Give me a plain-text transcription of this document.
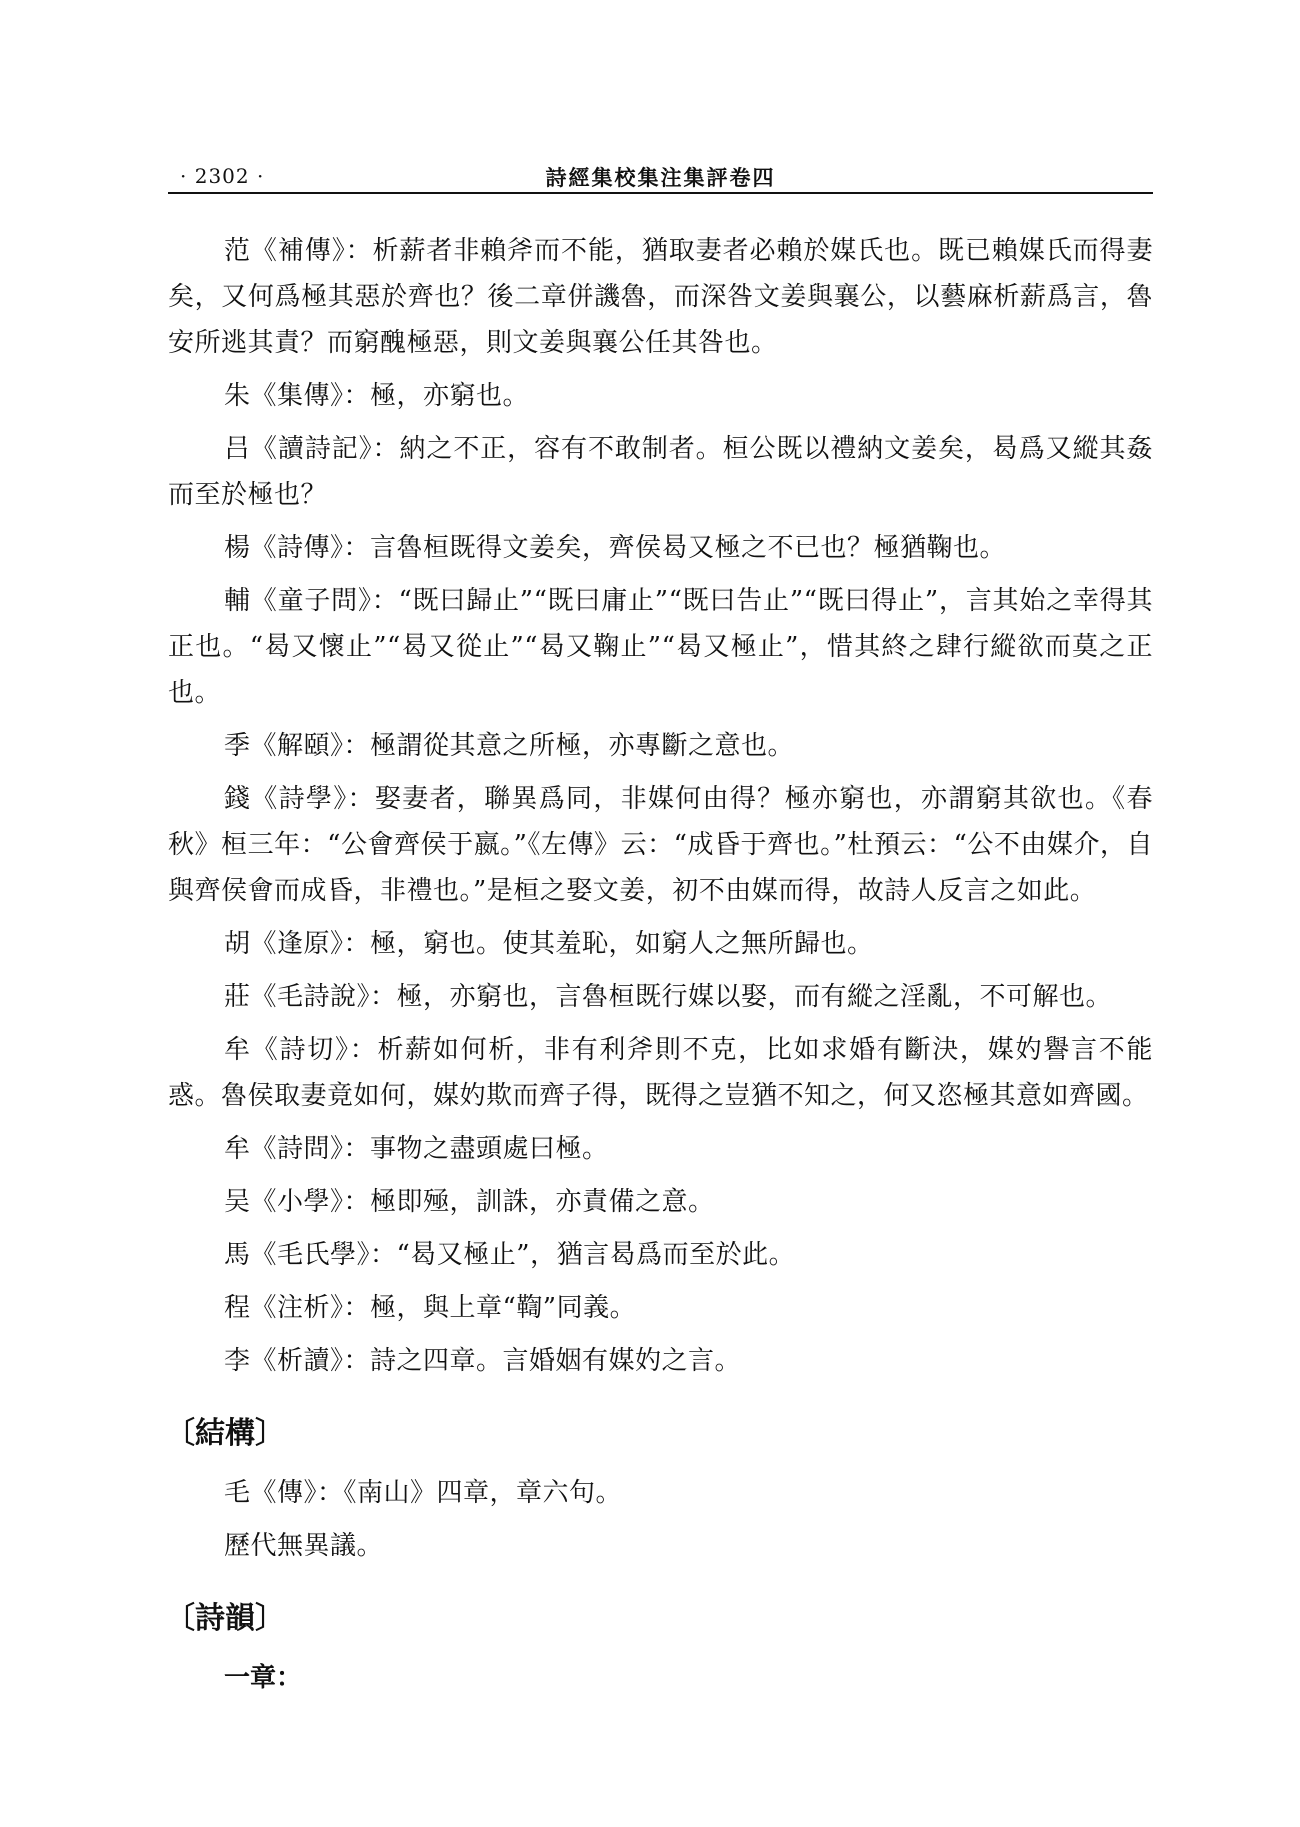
· 2302 ·	詩經集校集注集評卷四

范《補傳》：析薪者非賴斧而不能，猶取妻者必賴於媒氏也。既已賴媒氏而得妻矣，又何爲極其惡於齊也？後二章併譏魯，而深咎文姜與襄公，以藝麻析薪爲言，魯安所逃其責？而窮醜極惡，則文姜與襄公任其咎也。

朱《集傳》：極，亦窮也。

吕《讀詩記》：納之不正，容有不敢制者。桓公既以禮納文姜矣，曷爲又縱其姦而至於極也？

楊《詩傳》：言魯桓既得文姜矣，齊侯曷又極之不已也？極猶鞠也。

輔《童子問》：“既曰歸止”“既曰庸止”“既曰告止”“既曰得止”，言其始之幸得其正也。“曷又懷止”“曷又從止”“曷又鞠止”“曷又極止”，惜其終之肆行縱欲而莫之正也。

季《解頤》：極謂從其意之所極，亦專斷之意也。

錢《詩學》：娶妻者，聯異爲同，非媒何由得？極亦窮也，亦謂窮其欲也。《春秋》桓三年：“公會齊侯于嬴。”《左傳》云：“成昏于齊也。”杜預云：“公不由媒介，自與齊侯會而成昏，非禮也。”是桓之娶文姜，初不由媒而得，故詩人反言之如此。

胡《逢原》：極，窮也。使其羞恥，如窮人之無所歸也。

莊《毛詩說》：極，亦窮也，言魯桓既行媒以娶，而有縱之淫亂，不可解也。

牟《詩切》：析薪如何析，非有利斧則不克，比如求婚有斷決，媒妁譽言不能惑。魯侯取妻竟如何，媒妁欺而齊子得，既得之豈猶不知之，何又恣極其意如齊國。

牟《詩問》：事物之盡頭處曰極。

吴《小學》：極即殛，訓誅，亦責備之意。

馬《毛氏學》：“曷又極止”，猶言曷爲而至於此。

程《注析》：極，與上章“鞫”同義。

李《析讀》：詩之四章。言婚姻有媒妁之言。

〔結構〕

毛《傳》：《南山》四章，章六句。

歷代無異議。

〔詩韻〕
一章：
